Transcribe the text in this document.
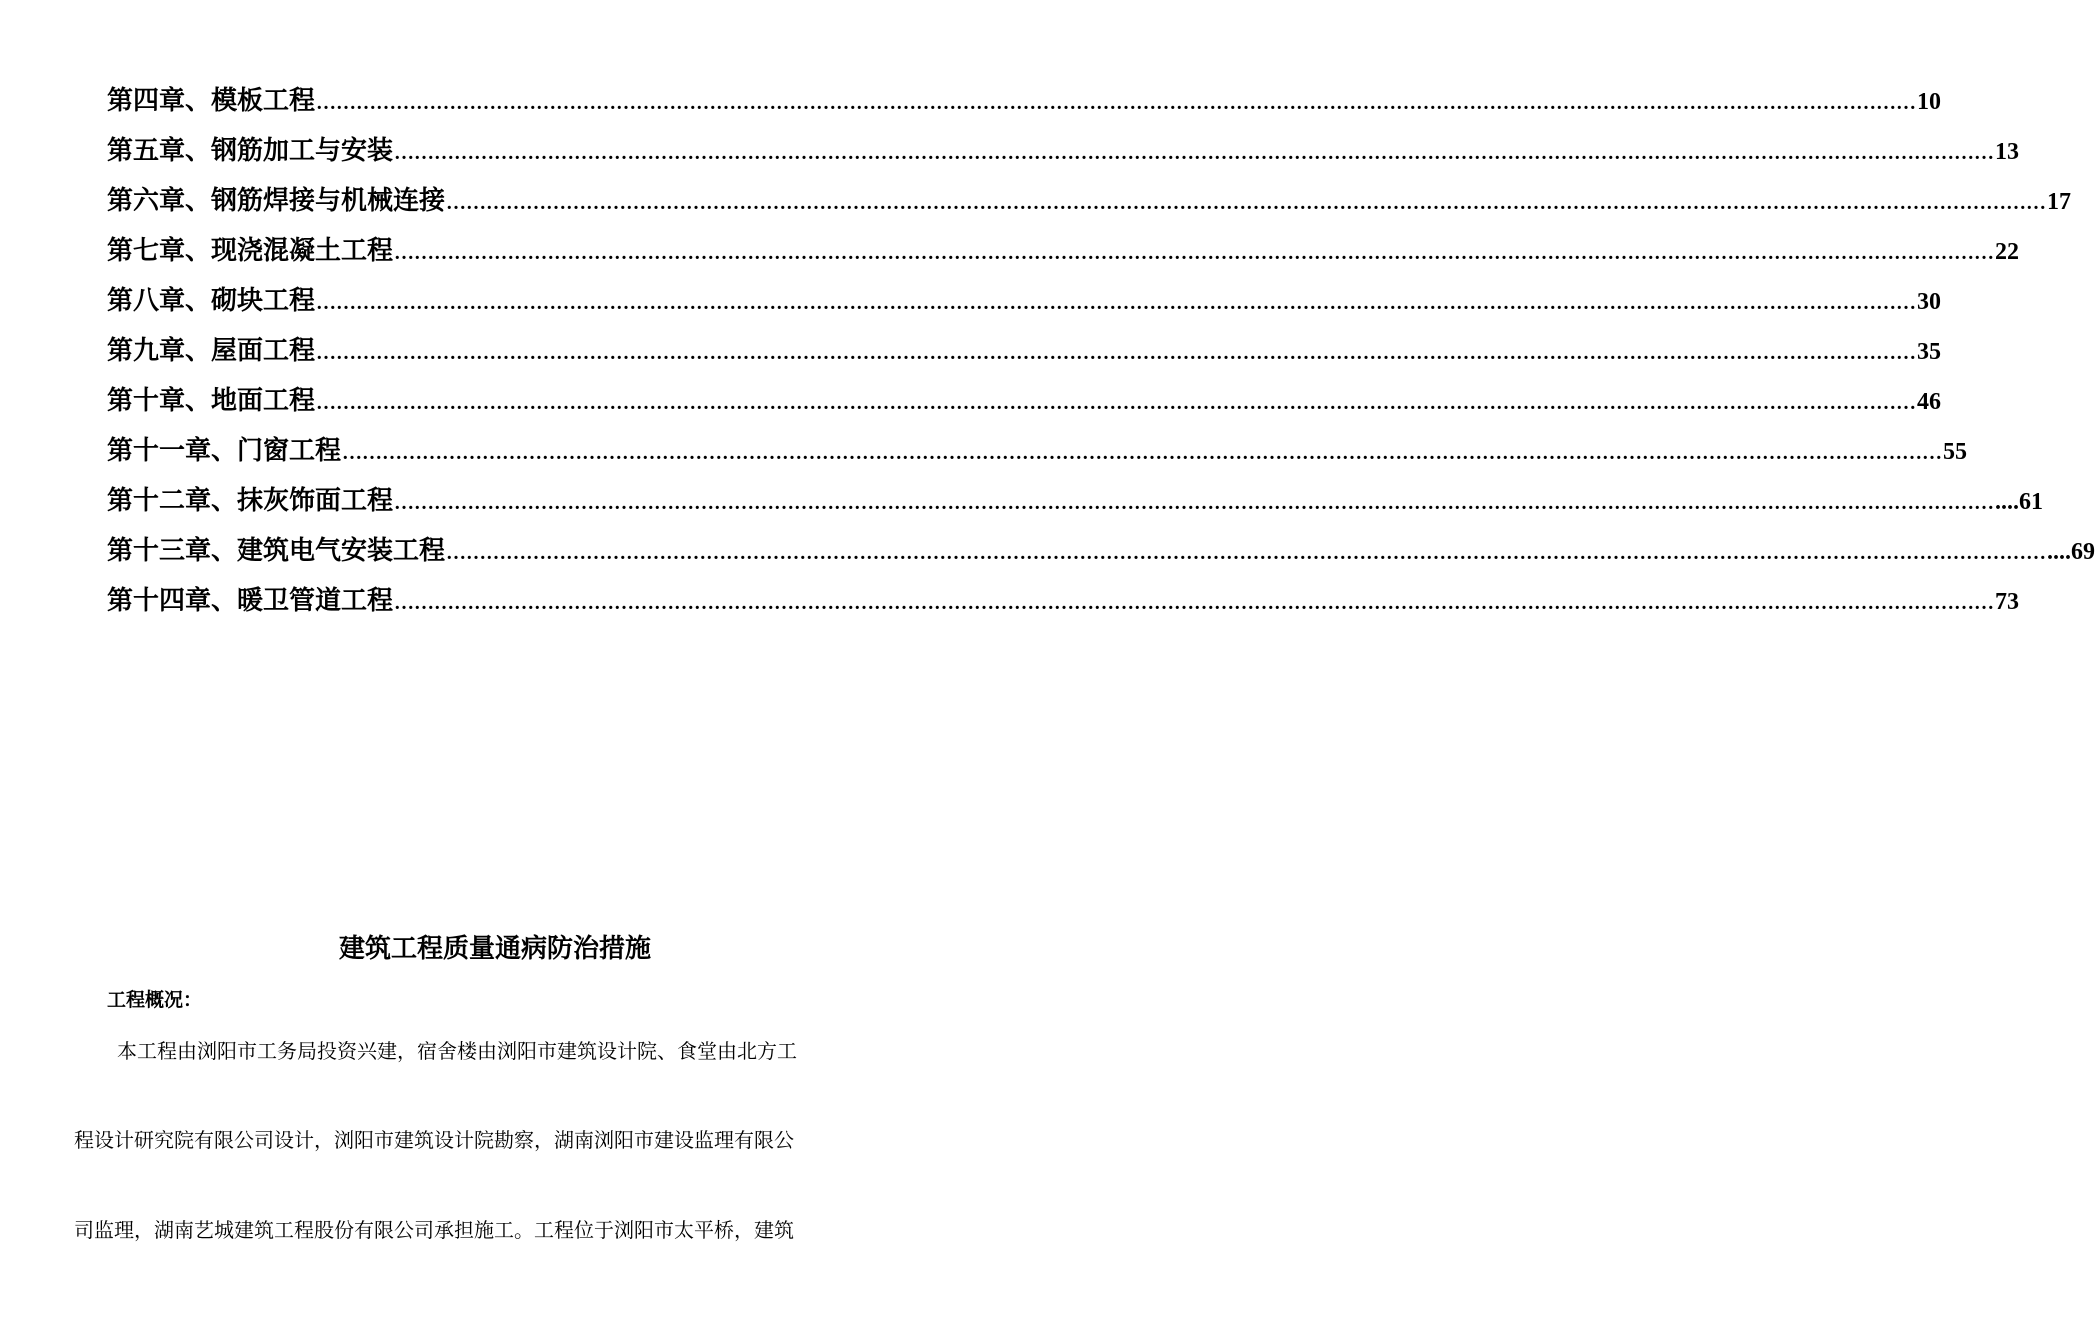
第四章、模板工程 …………………………………………………………………………………………………………………………………………………………………………………………………………………… 10
第五章、钢筋加工与安装 …………………………………………………………………………………………………………………………………………………………………………………………………………………… 13
第六章、钢筋焊接与机械连接 …………………………………………………………………………………………………………………………………………………………………………………………………………………… 17
第七章、现浇混凝土工程 …………………………………………………………………………………………………………………………………………………………………………………………………………………… 22
第八章、砌块工程 …………………………………………………………………………………………………………………………………………………………………………………………………………………… 30
第九章、屋面工程 …………………………………………………………………………………………………………………………………………………………………………………………………………………… 35
第十章、地面工程 …………………………………………………………………………………………………………………………………………………………………………………………………………………… 46
第十一章、门窗工程 …………………………………………………………………………………………………………………………………………………………………………………………………………………… 55
第十二章、抹灰饰面工程 …………………………………………………………………………………………………………………………………………………………………………………………………………………… ....61
第十三章、建筑电气安装工程 …………………………………………………………………………………………………………………………………………………………………………………………………………………… ....69
第十四章、暖卫管道工程 …………………………………………………………………………………………………………………………………………………………………………………………………………………… 73
建筑工程质量通病防治措施
工程概况：
本工程由浏阳市工务局投资兴建，宿舍楼由浏阳市建筑设计院、食堂由北方工
程设计研究院有限公司设计，浏阳市建筑设计院勘察，湖南浏阳市建设监理有限公
司监理，湖南艺城建筑工程股份有限公司承担施工。工程位于浏阳市太平桥，建筑
